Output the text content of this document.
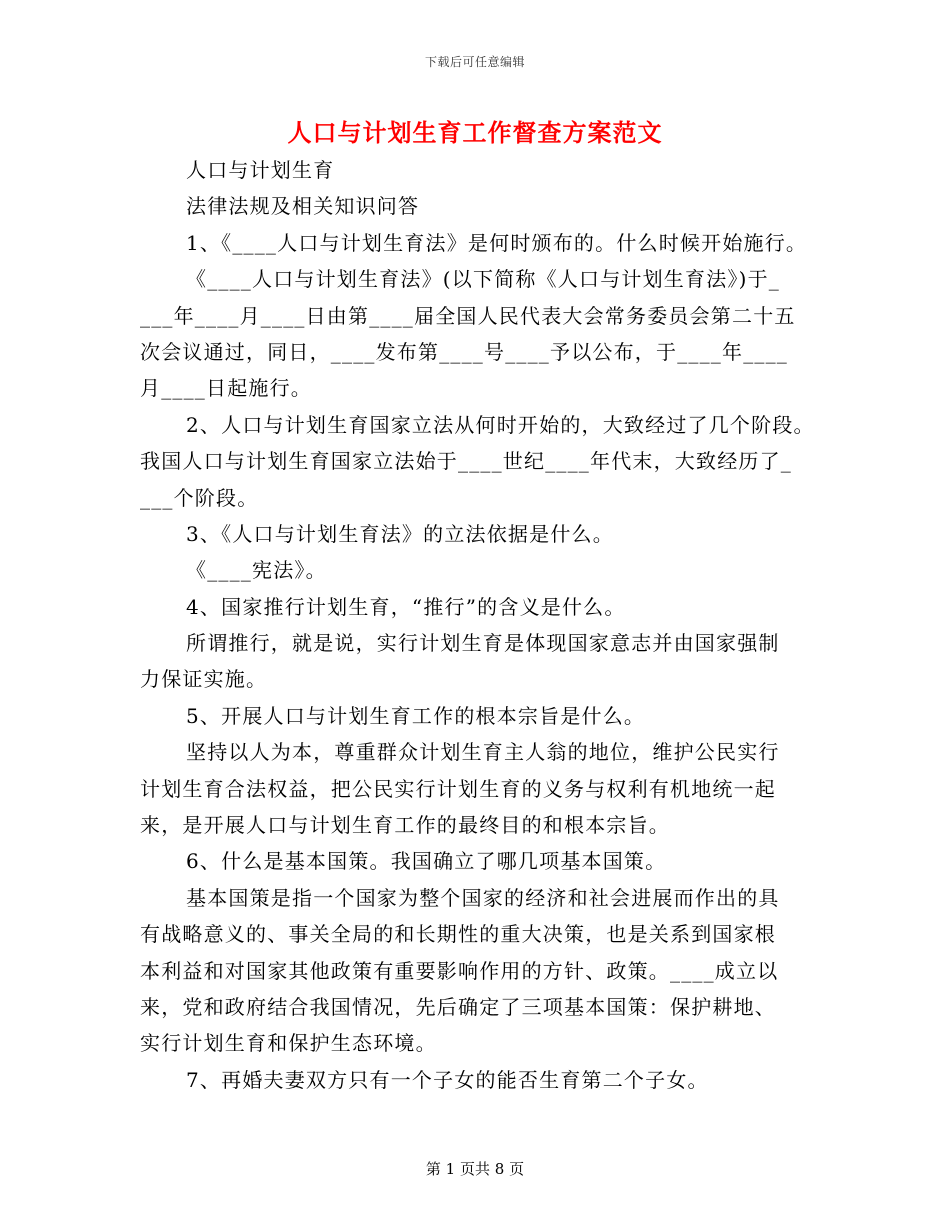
下载后可任意编辑
人口与计划生育工作督查方案范文
人口与计划生育
法律法规及相关知识问答
1、《____人口与计划生育法》是何时颁布的。什么时候开始施行。
《____人口与计划生育法》(以下简称《人口与计划生育法》)于_
___年____月____日由第____届全国人民代表大会常务委员会第二十五
次会议通过，同日，____发布第____号____予以公布，于____年____
月____日起施行。
2、人口与计划生育国家立法从何时开始的，大致经过了几个阶段。
我国人口与计划生育国家立法始于____世纪____年代末，大致经历了_
___个阶段。
3、《人口与计划生育法》的立法依据是什么。
《____宪法》。
4、国家推行计划生育，“推行”的含义是什么。
所谓推行，就是说，实行计划生育是体现国家意志并由国家强制
力保证实施。
5、开展人口与计划生育工作的根本宗旨是什么。
坚持以人为本，尊重群众计划生育主人翁的地位，维护公民实行
计划生育合法权益，把公民实行计划生育的义务与权利有机地统一起
来，是开展人口与计划生育工作的最终目的和根本宗旨。
6、什么是基本国策。我国确立了哪几项基本国策。
基本国策是指一个国家为整个国家的经济和社会进展而作出的具
有战略意义的、事关全局的和长期性的重大决策，也是关系到国家根
本利益和对国家其他政策有重要影响作用的方针、政策。____成立以
来，党和政府结合我国情况，先后确定了三项基本国策：保护耕地、
实行计划生育和保护生态环境。
7、再婚夫妻双方只有一个子女的能否生育第二个子女。
第 1 页共 8 页
